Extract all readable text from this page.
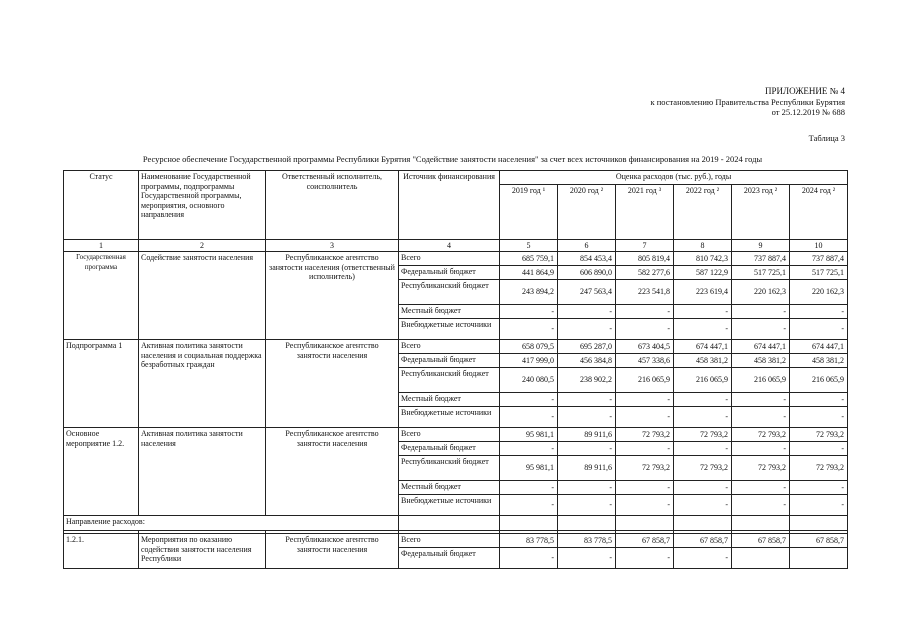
ПРИЛОЖЕНИЕ № 4
к постановлению Правительства Республики Бурятия
от 25.12.2019 № 688
Таблица 3
Ресурсное обеспечение Государственной программы Республики Бурятия "Содействие занятости населения" за счет всех источников финансирования на 2019 - 2024 годы
Статус	Наименование Государственной программы, подпрограммы Государственной программы, мероприятия, основного направления	Ответственный исполнитель, соисполнитель	Источник финансирования	Оценка расходов (тыс. руб.), годы					
				2019 год ¹	2020 год ²	2021 год ³	2022 год ²	2023 год ²	2024 год ²
1	2	3	4	5	6	7	8	9	10
Государственная программа	Содействие занятости населения	Республиканское агентство занятости населения (ответственный исполнитель)	Всего	685 759,1	854 453,4	805 819,4	810 742,3	737 887,4	737 887,4
			Федеральный бюджет	441 864,9	606 890,0	582 277,6	587 122,9	517 725,1	517 725,1
			Республиканский бюджет	243 894,2	247 563,4	223 541,8	223 619,4	220 162,3	220 162,3
			Местный бюджет	-	-	-	-	-	-
			Внебюджетные источники	-	-	-	-	-	-
Подпрограмма 1	Активная политика занятости населения и социальная поддержка безработных граждан	Республиканское агентство занятости населения	Всего	658 079,5	695 287,0	673 404,5	674 447,1	674 447,1	674 447,1
			Федеральный бюджет	417 999,0	456 384,8	457 338,6	458 381,2	458 381,2	458 381,2
			Республиканский бюджет	240 080,5	238 902,2	216 065,9	216 065,9	216 065,9	216 065,9
			Местный бюджет	-	-	-	-	-	-
			Внебюджетные источники	-	-	-	-	-	-
Основное мероприятие 1.2.	Активная политика занятости населения	Республиканское агентство занятости населения	Всего	95 981,1	89 911,6	72 793,2	72 793,2	72 793,2	72 793,2
			Федеральный бюджет	-	-	-	-	-	-
			Республиканский бюджет	95 981,1	89 911,6	72 793,2	72 793,2	72 793,2	72 793,2
			Местный бюджет	-	-	-	-	-	-
			Внебюджетные источники	-	-	-	-	-	-
Направление расходов:									

1.2.1.	Мероприятия по оказанию содействия занятости населения Республики	Республиканское агентство занятости населения	Всего	83 778,5	83 778,5	67 858,7	67 858,7	67 858,7	67 858,7
			Федеральный бюджет	-	-	-	-		
